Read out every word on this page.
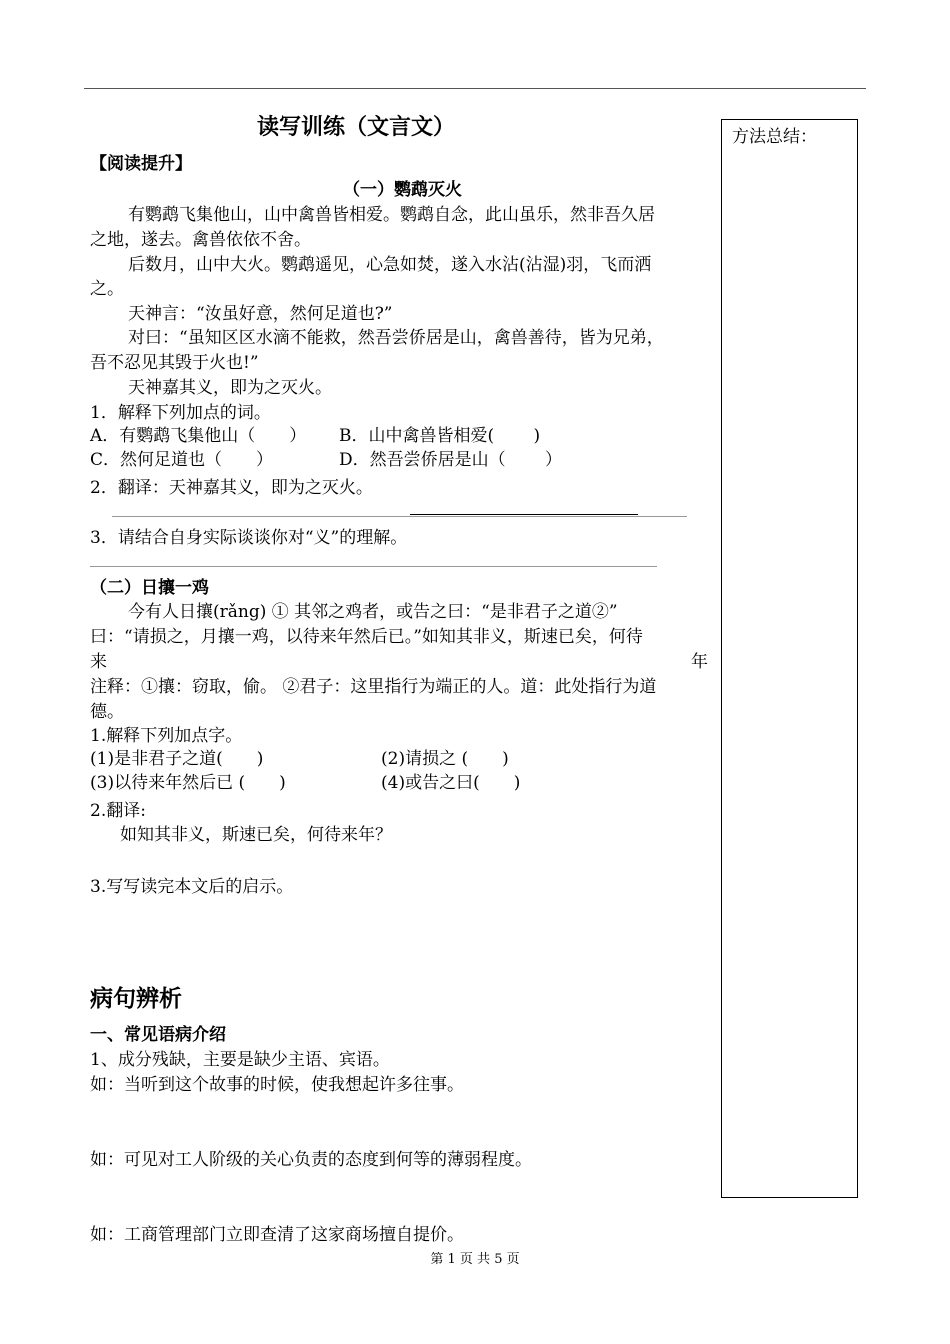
方法总结：
读写训练（文言文）
【阅读提升】
（一）鹦鹉灭火
有鹦鹉飞集他山，山中禽兽皆相爱。鹦鹉自念，此山虽乐，然非吾久居
之地，遂去。禽兽依依不舍。
后数月，山中大火。鹦鹉遥见，心急如焚，遂入水沾(沾湿)羽，飞而洒
之。
天神言：“汝虽好意，然何足道也?”
对曰：“虽知区区水滴不能救，然吾尝侨居是山，禽兽善待，皆为兄弟，
吾不忍见其毁于火也!”
天神嘉其义，即为之灭火。
1．解释下列加点的词。
A．有鹦鹉飞集他山（　　） B．山中禽兽皆相爱(　　 )
C．然何足道也（　　）	D．然吾尝侨居是山（　　 ）
2．翻译：天神嘉其义，即为之灭火。
3．请结合自身实际谈谈你对“义”的理解。
（二）日攘一鸡
今有人日攘(rǎng) ① 其邻之鸡者，或告之曰：“是非君子之道②”
曰：“请损之，月攘一鸡，以待来年然后已。”如知其非义，斯速已矣，何待
来	年
注释：①攘：窃取，偷。 ②君子：这里指行为端正的人。道：此处指行为道
德。
1.解释下列加点字。
(1)是非君子之道(　　)	(2)请损之 (　　)
(3)以待来年然后已 (　　)	(4)或告之曰(　　)
2.翻译:
如知其非义，斯速已矣，何待来年？
3.写写读完本文后的启示。
病句辨析
一、常见语病介绍
1、成分残缺，主要是缺少主语、宾语。
如：当听到这个故事的时候，使我想起许多往事。
如：可见对工人阶级的关心负责的态度到何等的薄弱程度。
如：工商管理部门立即查清了这家商场擅自提价。
第 1 页 共 5 页
